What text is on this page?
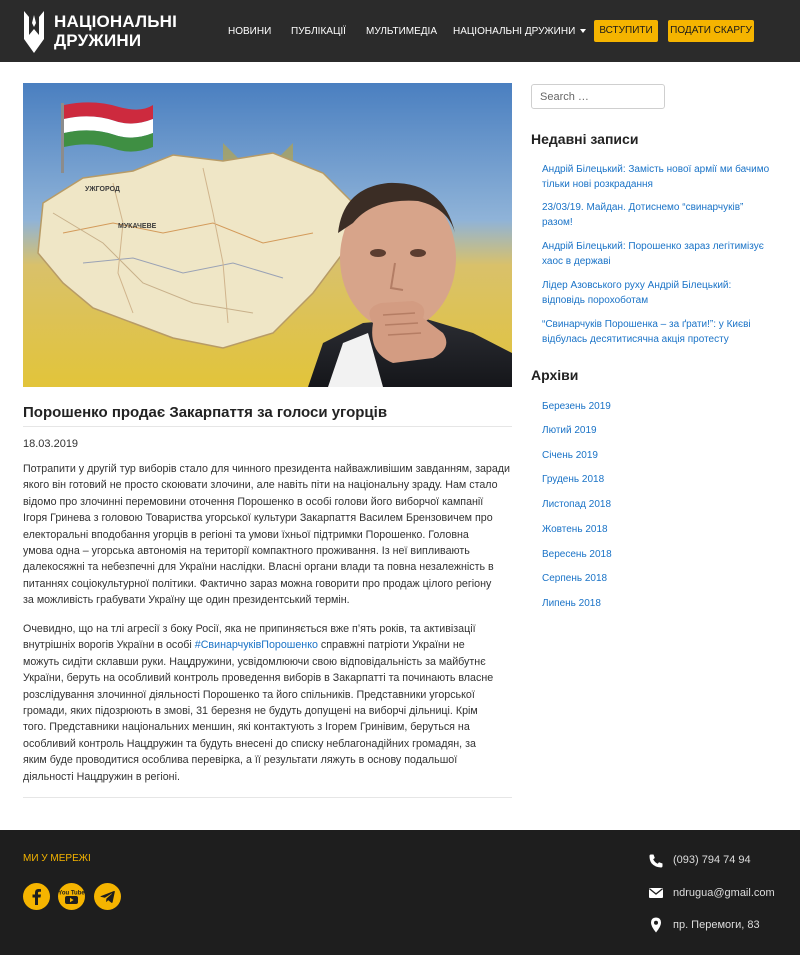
НАЦІОНАЛЬНІ
ДРУЖИНИ	НОВИНИ ПУБЛІКАЦІЇ МУЛЬТИМЕДІА НАЦІОНАЛЬНІ ДРУЖИНИ	ВСТУПИТИ	ПОДАТИ СКАРГУ
УЖГОРОД
МУКАЧЕВЕ
Порошенко продає Закарпаття за голоси угорців
18.03.2019
Потрапити у другій тур виборів стало для чинного президента найважливішим завданням, заради
якого він готовий не просто скоювати злочини, але навіть піти на національну зраду. Нам стало
відомо про злочинні перемовини оточення Порошенко в особі голови його виборчої кампанії
Ігоря Гринева з головою Товариства угорської культури Закарпаття Василем Брензовичем про
електоральні вподобання угорців в регіоні та умови їхньої підтримки Порошенко. Головна
умова одна – угорська автономія на території компактного проживання. Із неї випливають
далекосяжні та небезпечні для України наслідки. Власні органи влади та повна незалежність в
питаннях соціокультурної політики. Фактично зараз можна говорити про продаж цілого регіону
за можливість грабувати Україну ще один президентський термін.
Очевидно, що на тлі агресії з боку Росії, яка не припиняється вже п’ять років, та активізації
внутрішніх ворогів України в особі #СвинарчуківПорошенко справжні патріоти України не
можуть сидіти склавши руки. Нацдружини, усвідомлюючи свою відповідальність за майбутнє
України, беруть на особливий контроль проведення виборів в Закарпатті та починають власне
розслідування злочинної діяльності Порошенко та його спільників. Представники угорської
громади, яких підозрюють в змові, 31 березня не будуть допущені на виборчі дільниці. Крім
того. Представники національних меншин, які контактують з Ігорем Гринівим, беруться на
особливий контроль Нацдружин та будуть внесені до списку неблагонадійних громадян, за
яким буде проводитися особлива перевірка, а її результати ляжуть в основу подальшої
діяльності Нацдружин в регіоні.
Search …
Недавні записи
Андрій Білецький: Замість нової армії ми бачимо
тільки нові розкрадання
23/03/19. Майдан. Дотиснемо “свинарчуків”
разом!
Андрій Білецький: Порошенко зараз легітимізує
хаос в державі
Лідер Азовського руху Андрій Білецький:
відповідь порохоботам
“Свинарчуків Порошенка – за ґрати!”: у Києві
відбулась десятитисячна акція протесту
Архіви
Березень 2019
Лютий 2019
Січень 2019
Грудень 2018
Листопад 2018
Жовтень 2018
Вересень 2018
Серпень 2018
Липень 2018
МИ У МЕРЕЖІ
You Tube
(093) 794 74 94
ndrugua@gmail.com
пр. Перемоги, 83
